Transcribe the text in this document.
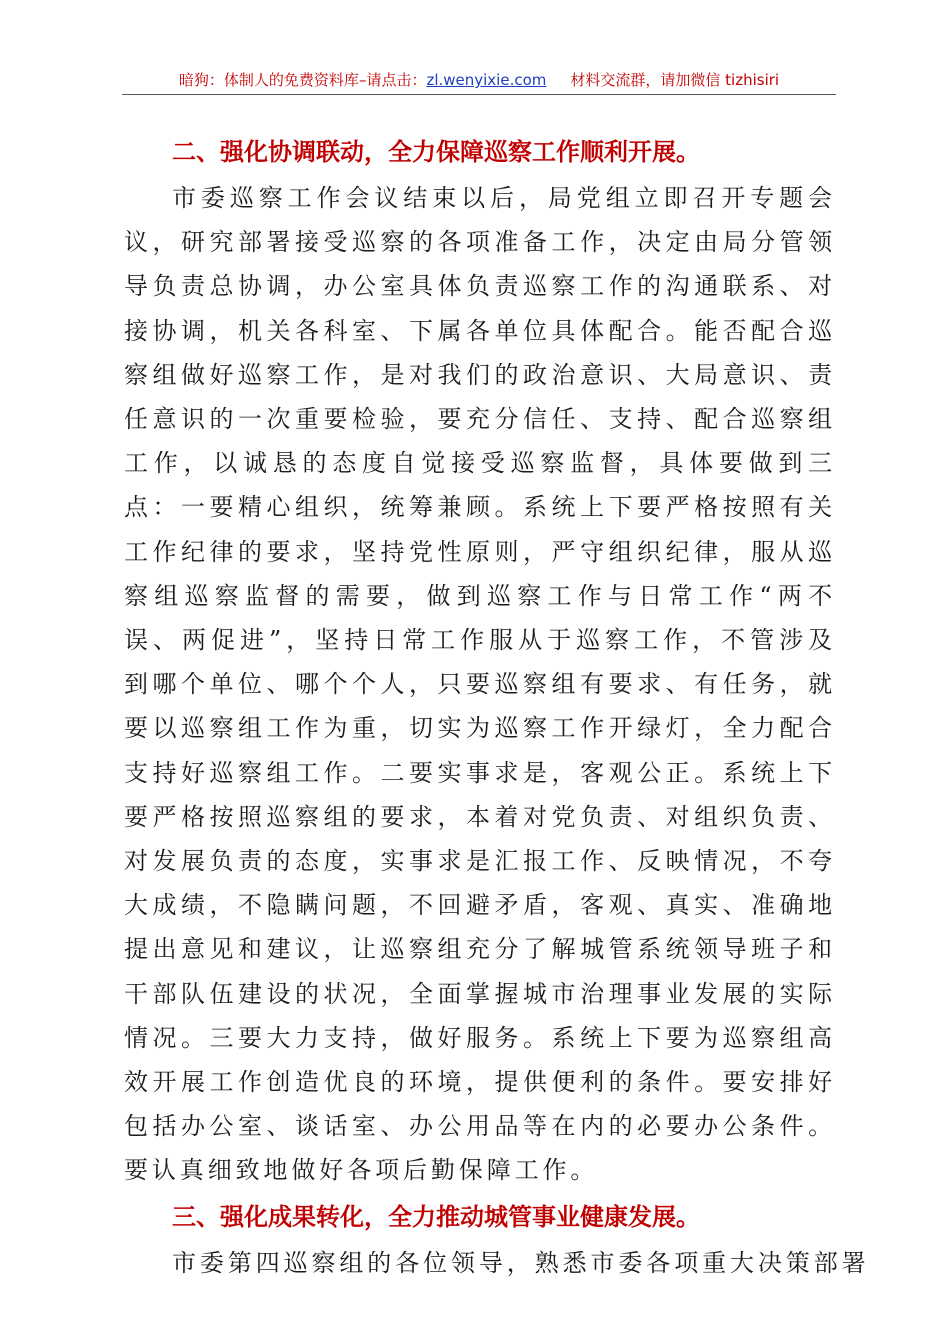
暗狗：体制人的免费资料库–请点击：zl.wenyixie.com 材料交流群，请加微信 tizhisiri
二、强化协调联动，全力保障巡察工作顺利开展。

市委巡察工作会议结束以后，局党组立即召开专题会议，研究部署接受巡察的各项准备工作，决定由局分管领导负责总协调，办公室具体负责巡察工作的沟通联系、对接协调，机关各科室、下属各单位具体配合。能否配合巡察组做好巡察工作，是对我们的政治意识、大局意识、责任意识的一次重要检验，要充分信任、支持、配合巡察组工作，以诚恳的态度自觉接受巡察监督，具体要做到三点：一要精心组织，统筹兼顾。系统上下要严格按照有关工作纪律的要求，坚持党性原则，严守组织纪律，服从巡察组巡察监督的需要，做到巡察工作与日常工作“两不误、两促进”，坚持日常工作服从于巡察工作，不管涉及到哪个单位、哪个个人，只要巡察组有要求、有任务，就要以巡察组工作为重，切实为巡察工作开绿灯，全力配合支持好巡察组工作。二要实事求是，客观公正。系统上下要严格按照巡察组的要求，本着对党负责、对组织负责、对发展负责的态度，实事求是汇报工作、反映情况，不夸大成绩，不隐瞒问题，不回避矛盾，客观、真实、准确地提出意见和建议，让巡察组充分了解城管系统领导班子和干部队伍建设的状况，全面掌握城市治理事业发展的实际情况。三要大力支持，做好服务。系统上下要为巡察组高效开展工作创造优良的环境，提供便利的条件。要安排好包括办公室、谈话室、办公用品等在内的必要办公条件。要认真细致地做好各项后勤保障工作。

三、强化成果转化，全力推动城管事业健康发展。

市委第四巡察组的各位领导，熟悉市委各项重大决策部署
